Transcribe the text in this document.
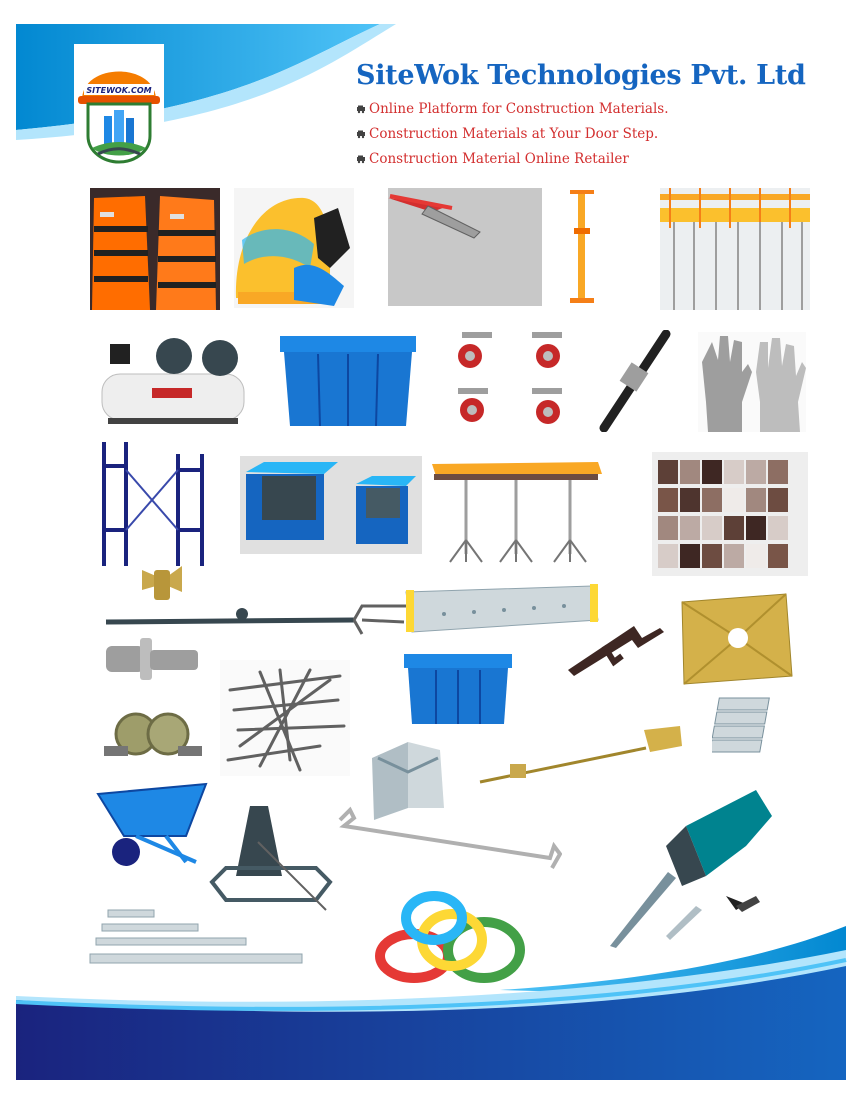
SITEWOK.COM	SiteWok Technologies Pvt. Ltd
Online Platform for Construction Materials.
Construction Materials at Your Door Step.
Construction Material Online Retailer
